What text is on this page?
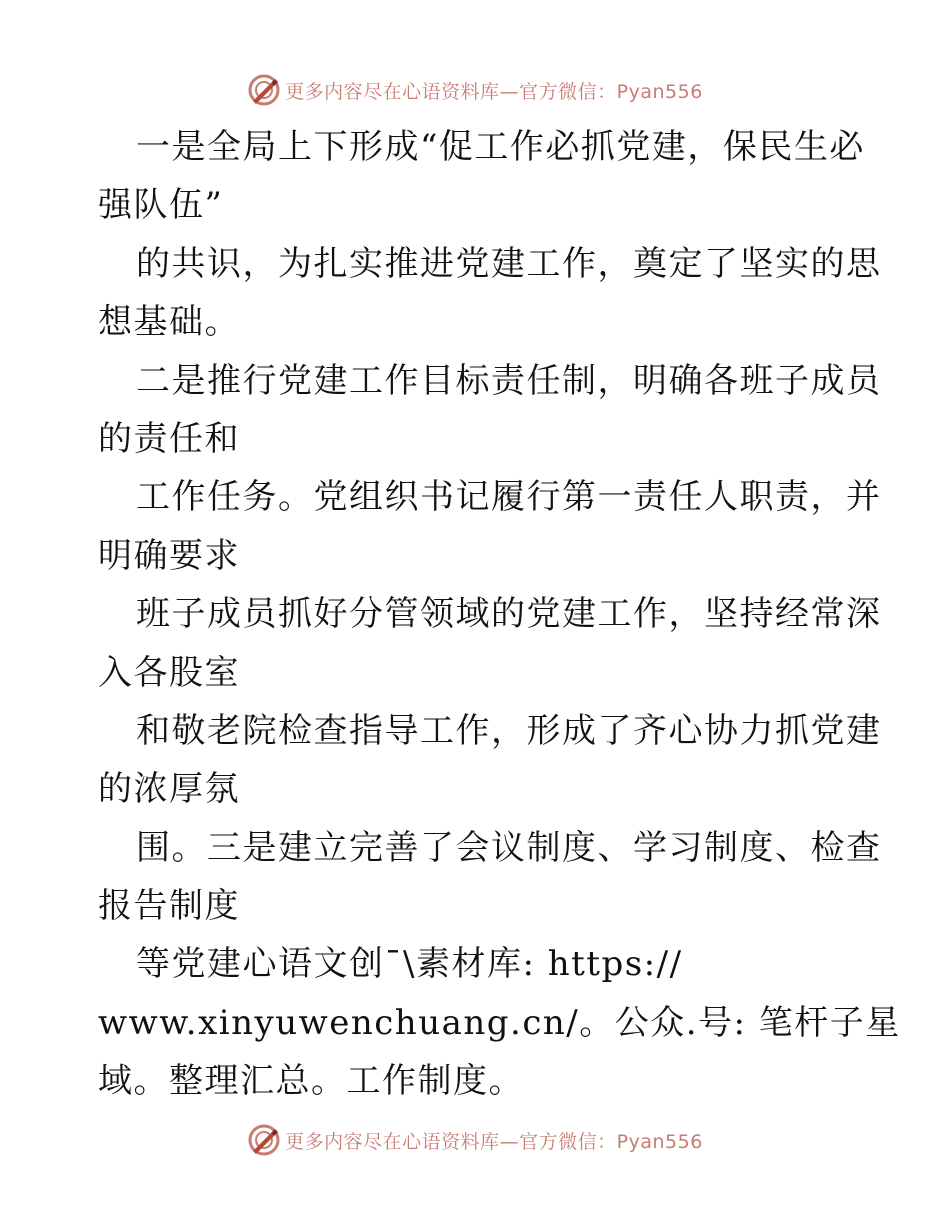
更多内容尽在心语资料库—官方微信：Pyan556
一是全局上下形成“促工作必抓党建，保民生必
强队伍”
的共识，为扎实推进党建工作，奠定了坚实的思
想基础。
二是推行党建工作目标责任制，明确各班子成员
的责任和
工作任务。党组织书记履行第一责任人职责，并
明确要求
班子成员抓好分管领域的党建工作，坚持经常深
入各股室
和敬老院检查指导工作，形成了齐心协力抓党建
的浓厚氛
围。三是建立完善了会议制度、学习制度、检查
报告制度
等党建心语文创¯\素材库: https://
www.xinyuwenchuang.cn/。公众.号: 笔杆子星
域。整理汇总。工作制度。
更多内容尽在心语资料库—官方微信：Pyan556
